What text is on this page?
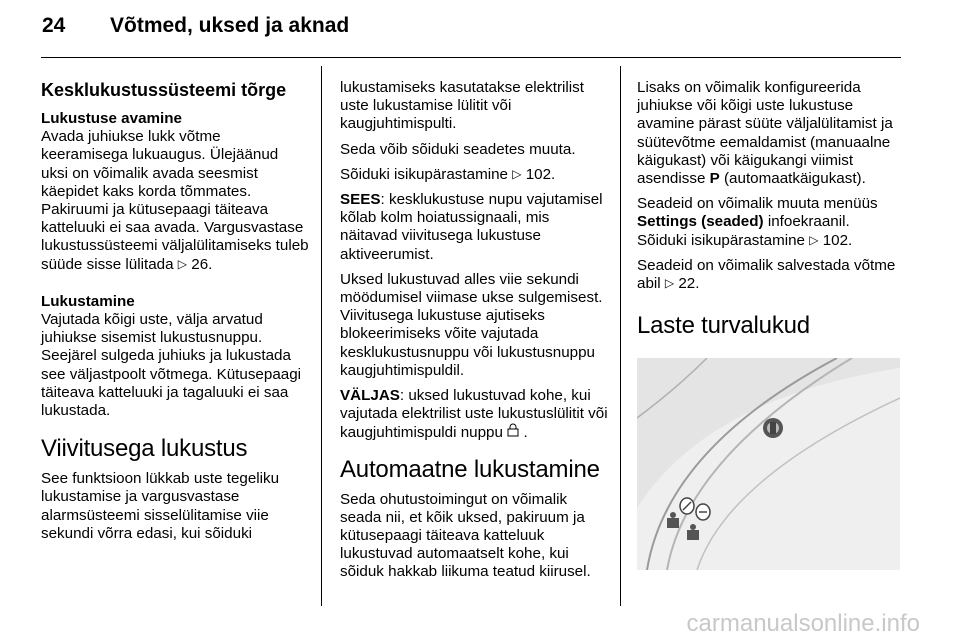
24	Võtmed, uksed ja aknad
Kesklukustussüsteemi tõrge

Lukustuse avamine

Avada juhiukse lukk võtme keeramisega lukuaugus. Ülejäänud uksi on võimalik avada seesmist käepidet kaks korda tõmmates. Pakiruumi ja kütusepaagi täiteava katteluuki ei saa avada. Vargusvastase lukustussüsteemi väljalülitamiseks tuleb süüde sisse lülitada ▷ 26.

Lukustamine

Vajutada kõigi uste, välja arvatud juhiukse sisemist lukustusnuppu. Seejärel sulgeda juhiuks ja lukustada see väljastpoolt võtmega. Kütusepaagi täiteava katteluuki ja tagaluuki ei saa lukustada.

Viivitusega lukustus

See funktsioon lükkab uste tegeliku lukustamise ja vargusvastase alarmsüsteemi sisselülitamise viie sekundi võrra edasi, kui sõiduki

lukustamiseks kasutatakse elektrilist uste lukustamise lülitit või kaugjuhtimispulti.

Seda võib sõiduki seadetes muuta.

Sõiduki isikupärastamine ▷ 102.

SEES: kesklukustuse nupu vajutamisel kõlab kolm hoiatussignaali, mis näitavad viivitusega lukustuse aktiveerumist.

Uksed lukustuvad alles viie sekundi möödumisel viimase ukse sulgemisest. Viivitusega lukustuse ajutiseks blokeerimiseks võite vajutada kesklukustusnuppu või lukustusnuppu kaugjuhtimispuldil.

VÄLJAS: uksed lukustuvad kohe, kui vajutada elektrilist uste lukustuslülitit või kaugjuhtimispuldi nuppu .

Automaatne lukustamine

Seda ohutustoimingut on võimalik seada nii, et kõik uksed, pakiruum ja kütusepaagi täiteava katteluuk lukustuvad automaatselt kohe, kui sõiduk hakkab liikuma teatud kiirusel.

Lisaks on võimalik konfigureerida juhiukse või kõigi uste lukustuse avamine pärast süüte väljalülitamist ja süütevõtme eemaldamist (manuaalne käigukast) või käigukangi viimist asendisse P (automaatkäigukast).

Seadeid on võimalik muuta menüüs Settings (seaded) infoekraanil.
Sõiduki isikupärastamine ▷ 102.

Seadeid on võimalik salvestada võtme abil ▷ 22.

Laste turvalukud
carmanualsonline.info
